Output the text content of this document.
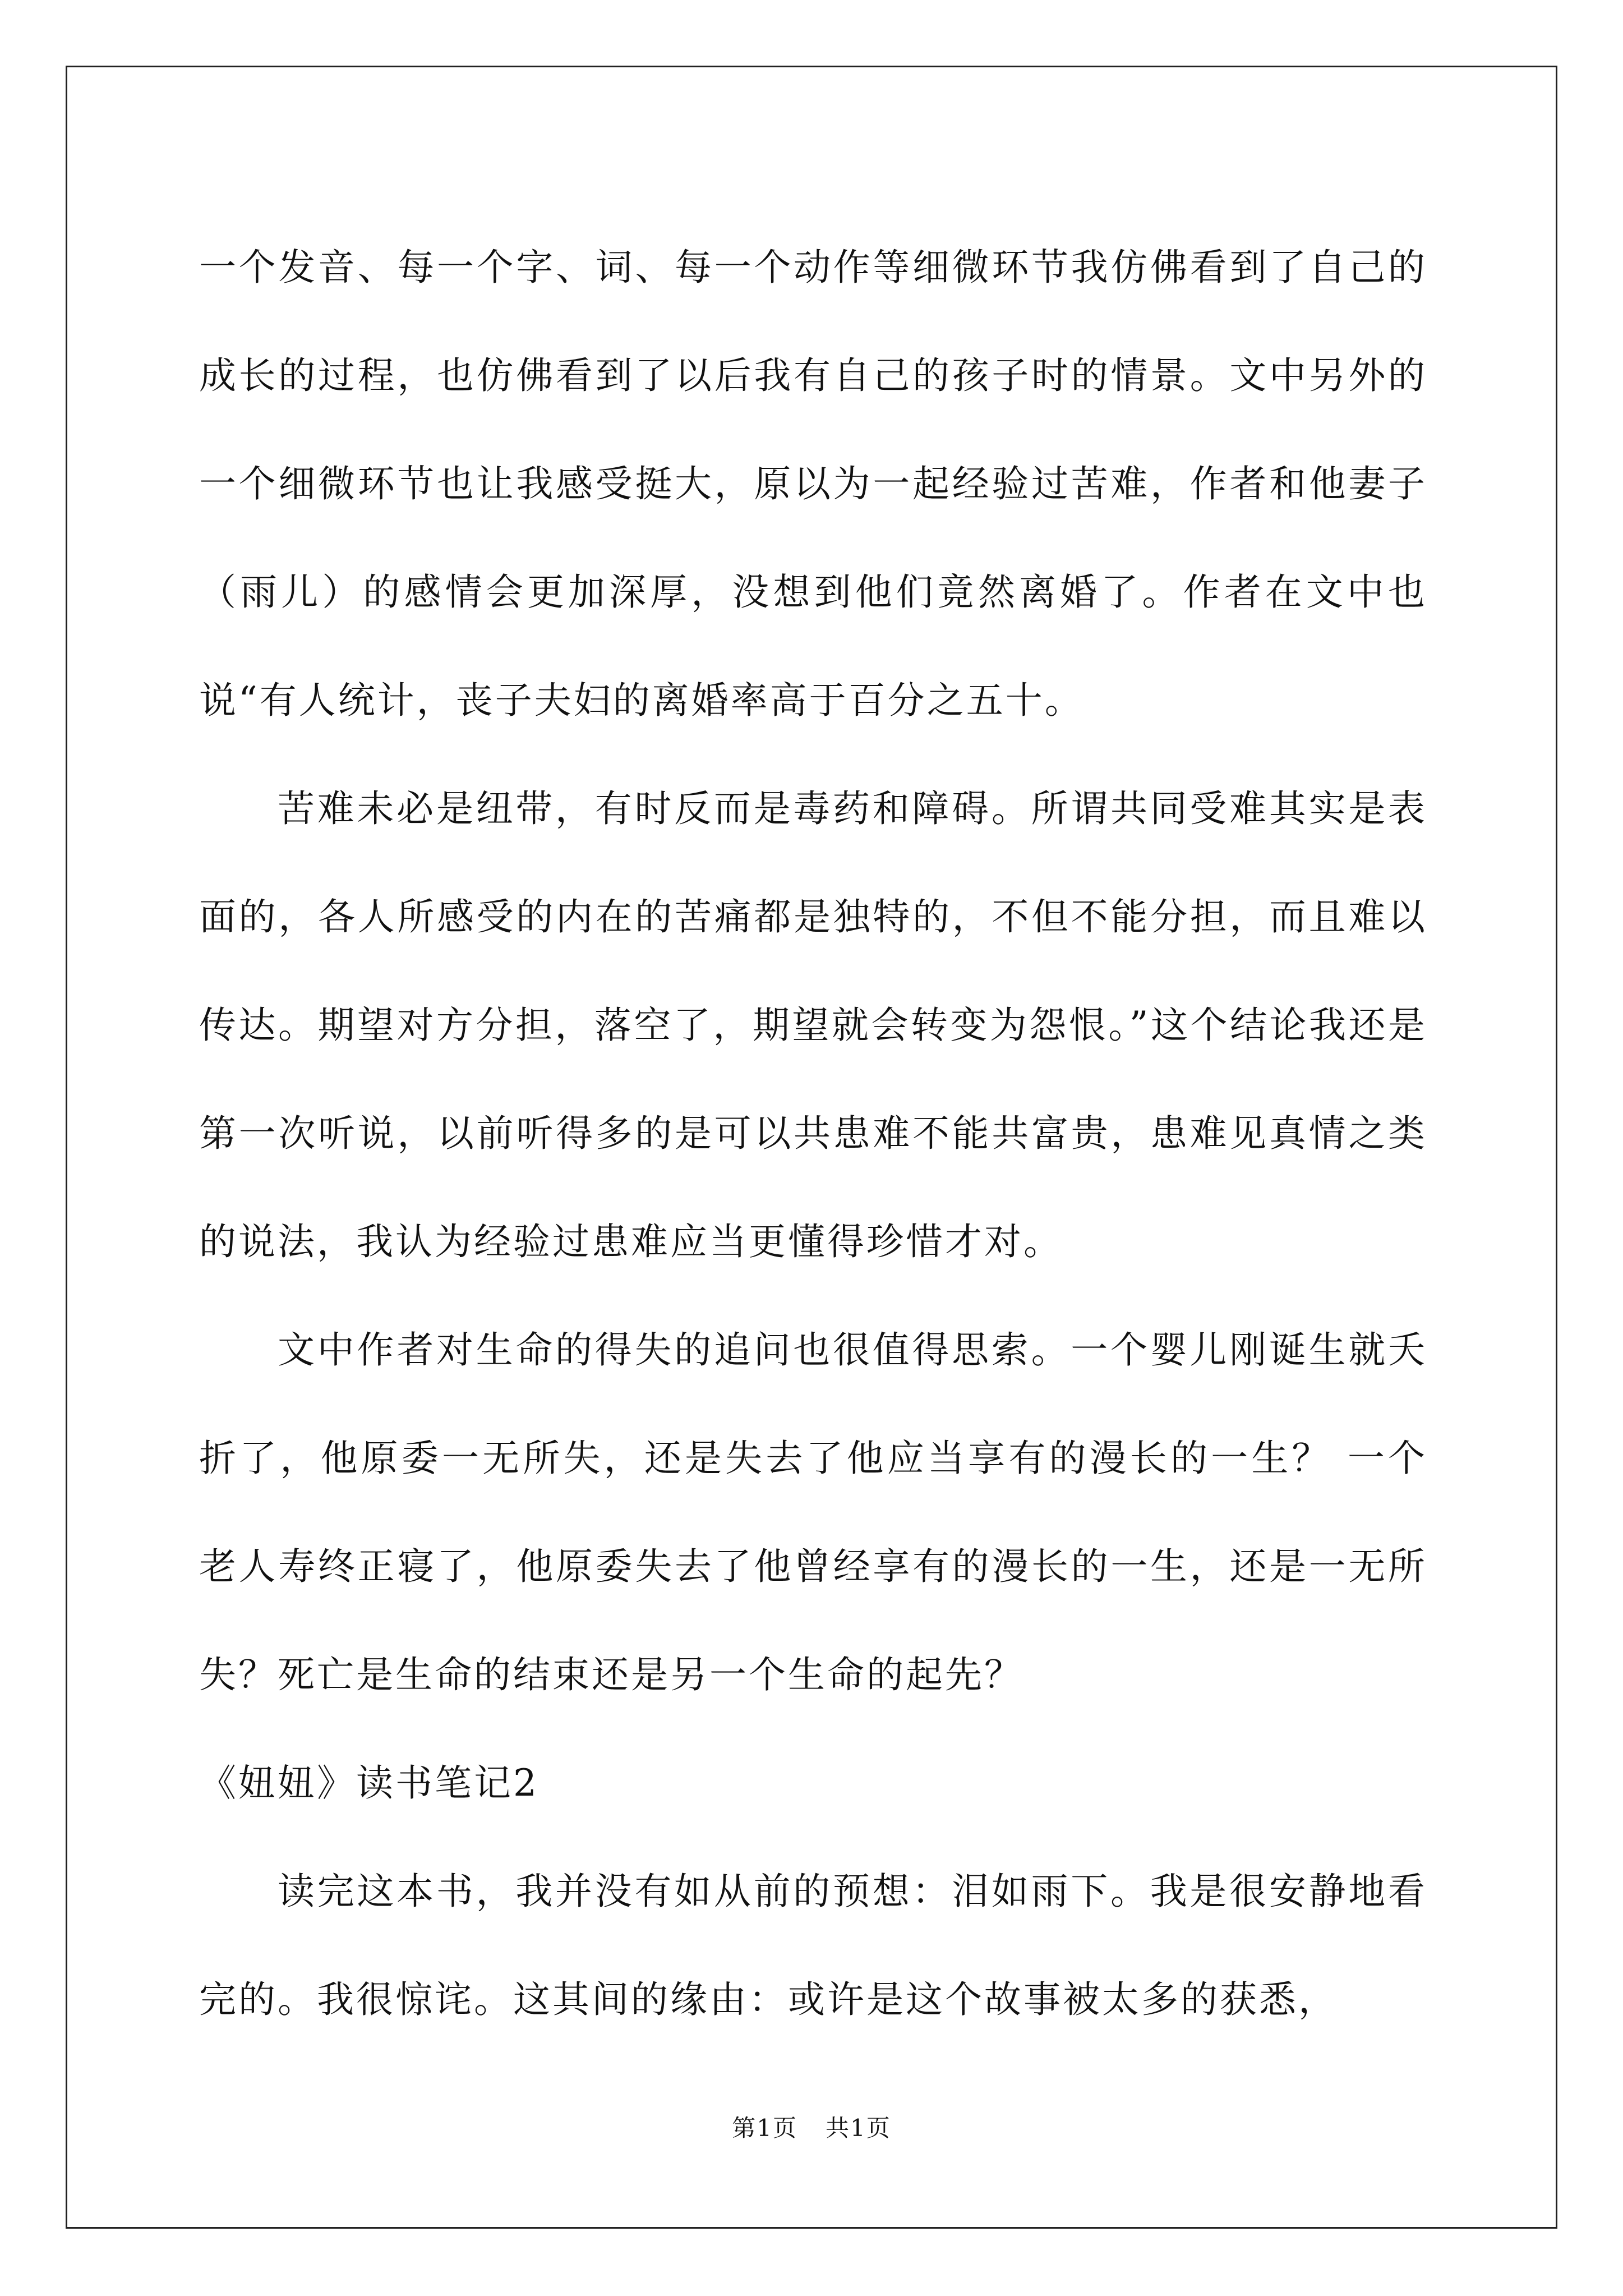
一个发音、每一个字、词、每一个动作等细微环节我仿佛看到了自己的成长的过程，也仿佛看到了以后我有自己的孩子时的情景。文中另外的一个细微环节也让我感受挺大，原以为一起经验过苦难，作者和他妻子（雨儿）的感情会更加深厚，没想到他们竟然离婚了。作者在文中也说“有人统计，丧子夫妇的离婚率高于百分之五十。

苦难未必是纽带，有时反而是毒药和障碍。所谓共同受难其实是表面的，各人所感受的内在的苦痛都是独特的，不但不能分担，而且难以传达。期望对方分担，落空了，期望就会转变为怨恨。”这个结论我还是第一次听说，以前听得多的是可以共患难不能共富贵，患难见真情之类的说法，我认为经验过患难应当更懂得珍惜才对。

文中作者对生命的得失的追问也很值得思索。一个婴儿刚诞生就夭折了，他原委一无所失，还是失去了他应当享有的漫长的一生？ 一个老人寿终正寝了，他原委失去了他曾经享有的漫长的一生，还是一无所失？死亡是生命的结束还是另一个生命的起先？

《妞妞》读书笔记2

读完这本书，我并没有如从前的预想：泪如雨下。我是很安静地看完的。我很惊诧。这其间的缘由：或许是这个故事被太多的获悉，

第1页 共1页
